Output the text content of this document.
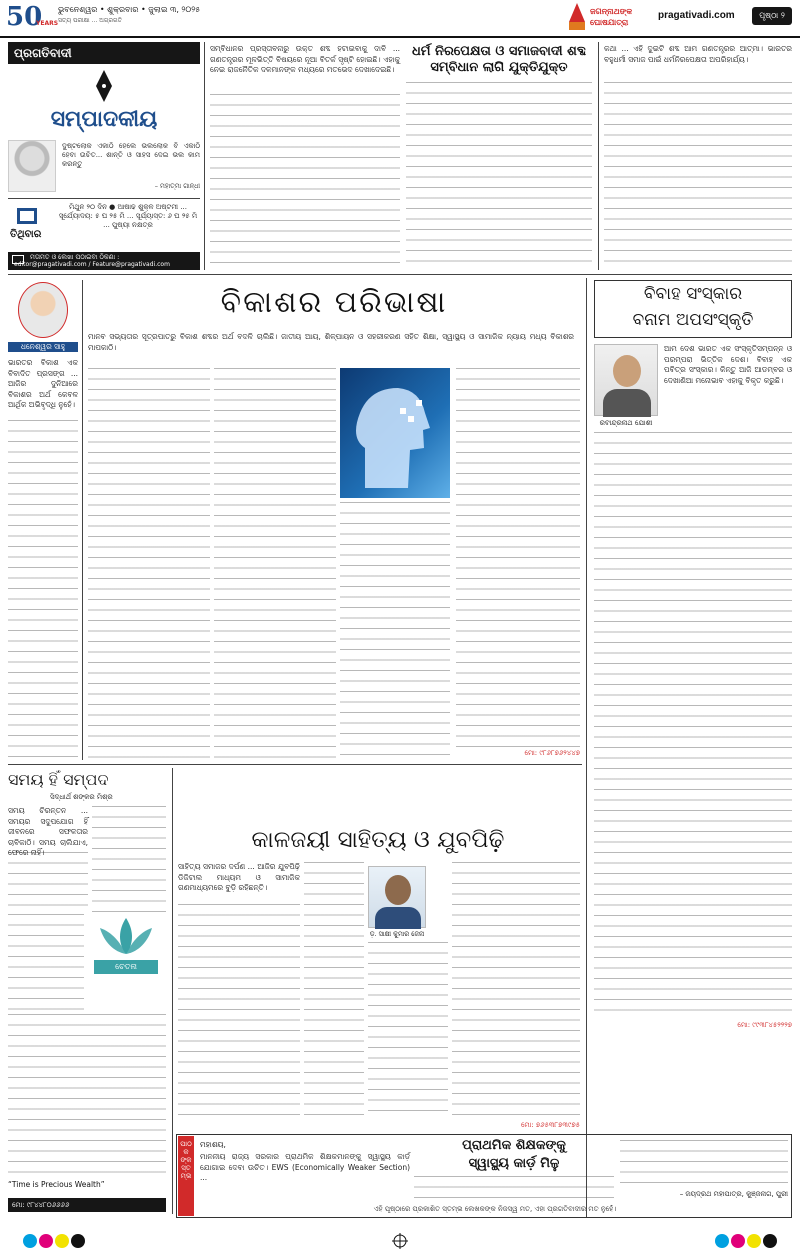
50
YEARS
ଭୁବନେଶ୍ୱର • ଶୁକ୍ରବାର • ଜୁଲାଇ ୩, ୨୦୨୫
ସତ୍ୟ ପରୀକ୍ଷା ... ଅଗ୍ରଗତି
ଜଗନ୍ନାଥଙ୍କ ଘୋଷଯାତ୍ରା
pragativadi.com	ପୃଷ୍ଠା ୨
ପ୍ରଗତିବାଦୀ
ସମ୍ପାଦକୀୟ
ଦୁଷ୍ଟଲୋକ ଏକାଠି ହେଲେ ଭଲଲୋକ ବି ଏକାଠି ହେବା ଉଚିତ... ଶାନ୍ତି ଓ ସାହସ ଦେଇ ଭଲ କାମ କରନ୍ତୁ
– ମହାତ୍ମା ଗାନ୍ଧୀ
ତିଥିବାର
ମିଥୁନ ୨୦ ଦିନ ● ଆଷାଢ ଶୁକ୍ଳ ଅଷ୍ଟମୀ ... ସୂର୍ଯ୍ୟୋଦୟ: ୫ ଘ ୨୫ ମି ... ସୂର୍ଯ୍ୟାସ୍ତ: ୬ ଘ ୨୫ ମି ... ପୁଷ୍ୟା ନକ୍ଷତ୍ର
ମତାମତ ଓ ଲେଖା ପଠାଇବା ଠିକଣା :
editor@pragativadi.com / Feature@pragativadi.com
ସମ୍ବିଧାନର ପ୍ରସ୍ତାବନାରୁ ଉକ୍ତ ଶବ୍ଦ ହଟାଇବାକୁ ଦାବି ... ଗଣତନ୍ତ୍ରର ମୂଳଭିତ୍ତି ବିଷୟରେ ନୂଆ ବିତର୍କ ସୃଷ୍ଟି ହୋଇଛି। ଏହାକୁ ନେଇ ରାଜନୈତିକ ଦଳମାନଙ୍କ ମଧ୍ୟରେ ମତଭେଦ ଦେଖାଦେଇଛି।
ଧର୍ମ ନିରପେକ୍ଷତା ଓ ସମାଜବାଦୀ ଶବ୍ଦ ସମ୍ବିଧାନ ଲାଗି ଯୁକ୍ତିଯୁକ୍ତ
କଥା ... ଏହି ଦୁଇଟି ଶବ୍ଦ ଆମ ଗଣତନ୍ତ୍ରର ଆତ୍ମା। ଭାରତର ବହୁଧର୍ମୀ ସମାଜ ପାଇଁ ଧର୍ମନିରପେକ୍ଷତା ଅପରିହାର୍ଯ୍ୟ।
ଧନେଶ୍ୱର ସାହୁ
ଭାରତର ବିକାଶ ଏକ ବିବାଦିତ ପ୍ରସଙ୍ଗ ... ଆଜିର ଦୁନିଆରେ ବିକାଶର ଅର୍ଥ କେବଳ ଆର୍ଥିକ ଅଭିବୃଦ୍ଧି ନୁହେଁ।
ବିକାଶର ପରିଭାଷା
ମାନବ ସଭ୍ୟତାର ସୂତ୍ରପାତରୁ ବିକାଶ ଶବ୍ଦର ଅର୍ଥ ବଦଳି ଚାଲିଛି। ଜାତୀୟ ଆୟ, ଶିଳ୍ପାୟନ ଓ ସହରୀକରଣ ସହିତ ଶିକ୍ଷା, ସ୍ୱାସ୍ଥ୍ୟ ଓ ସାମାଜିକ ନ୍ୟାୟ ମଧ୍ୟ ବିକାଶର ମାପକାଠି।
ମୋ: ୯୮୬୮୭୬୨୪୪୭
ବିବାହ ସଂସ୍କାର
ବନାମ ଅପସଂସ୍କୃତି
ରବୀନ୍ଦ୍ରନାଥ ଯୋଶୀ
ଆମ ଦେଶ ଭାରତ ଏକ ସଂସ୍କୃତିସମ୍ପନ୍ନ ଓ ପରମ୍ପରା ଭିତ୍ତିକ ଦେଶ। ବିବାହ ଏକ ପବିତ୍ର ସଂସ୍କାର। କିନ୍ତୁ ଆଜି ଆଡମ୍ବର ଓ ଦେଖାଣିଆ ମନୋଭାବ ଏହାକୁ ବିକୃତ କରୁଛି।
ମୋ: ୯୯୩୮୪୫୨୨୨୭
ସମୟ ହିଁ ସମ୍ପଦ
ସିଦ୍ଧାର୍ଥ ଶଙ୍କର ମିଶ୍ର
ସମୟ ଚିରନ୍ତନ ... ସମୟର ସଦୁପଯୋଗ ହିଁ ଜୀବନରେ ସଫଳତାର ଚାବିକାଠି। ସମୟ ଚାଲିଯାଏ, ଫେରେ ନାହିଁ।
ଚେତନା
“Time is Precious Wealth”
ମୋ: ୯୮୪୪୮୦୬୬୬୬
କାଳଜୟୀ ସାହିତ୍ୟ ଓ ଯୁବପିଢ଼ି
ସାହିତ୍ୟ ସମାଜର ଦର୍ପଣ ... ଆଜିର ଯୁବପିଢ଼ି ଡିଜିଟାଲ ମାଧ୍ୟମ ଓ ସାମାଜିକ ଗଣମାଧ୍ୟମରେ ବୁଡ଼ି ରହିଛନ୍ତି।
ଡ଼. ସାକ୍ଷୀ କୁମାର ଜେନା
ମୋ: ୭୬୫୩୮୭୩୯୭୫
ପାଠକଙ୍କ ସ୍ତମ୍ଭ
ମହାଶୟ,
ମାନନୀୟ ରାଜ୍ୟ ସରକାର ପ୍ରାଥମିକ ଶିକ୍ଷକମାନଙ୍କୁ ସ୍ୱାସ୍ଥ୍ୟ କାର୍ଡ଼ ଯୋଗାଇ ଦେବା ଉଚିତ। EWS (Economically Weaker Section) ...
ପ୍ରାଥମିକ ଶିକ୍ଷକଙ୍କୁ
ସ୍ୱାସ୍ଥ୍ୟ କାର୍ଡ଼ ମିଳୁ
– ଜୟଦ୍ରଥ ମହାପାତ୍ର, କୁଞ୍ଜନାଗ, ପୁରୀ
ଏହି ପୃଷ୍ଠାରେ ପ୍ରକାଶିତ ସ୍ତମ୍ଭ ଲେଖକଙ୍କ ନିଜସ୍ୱ ମତ, ଏହା ପ୍ରଗତିବାଦୀର ମତ ନୁହେଁ।
